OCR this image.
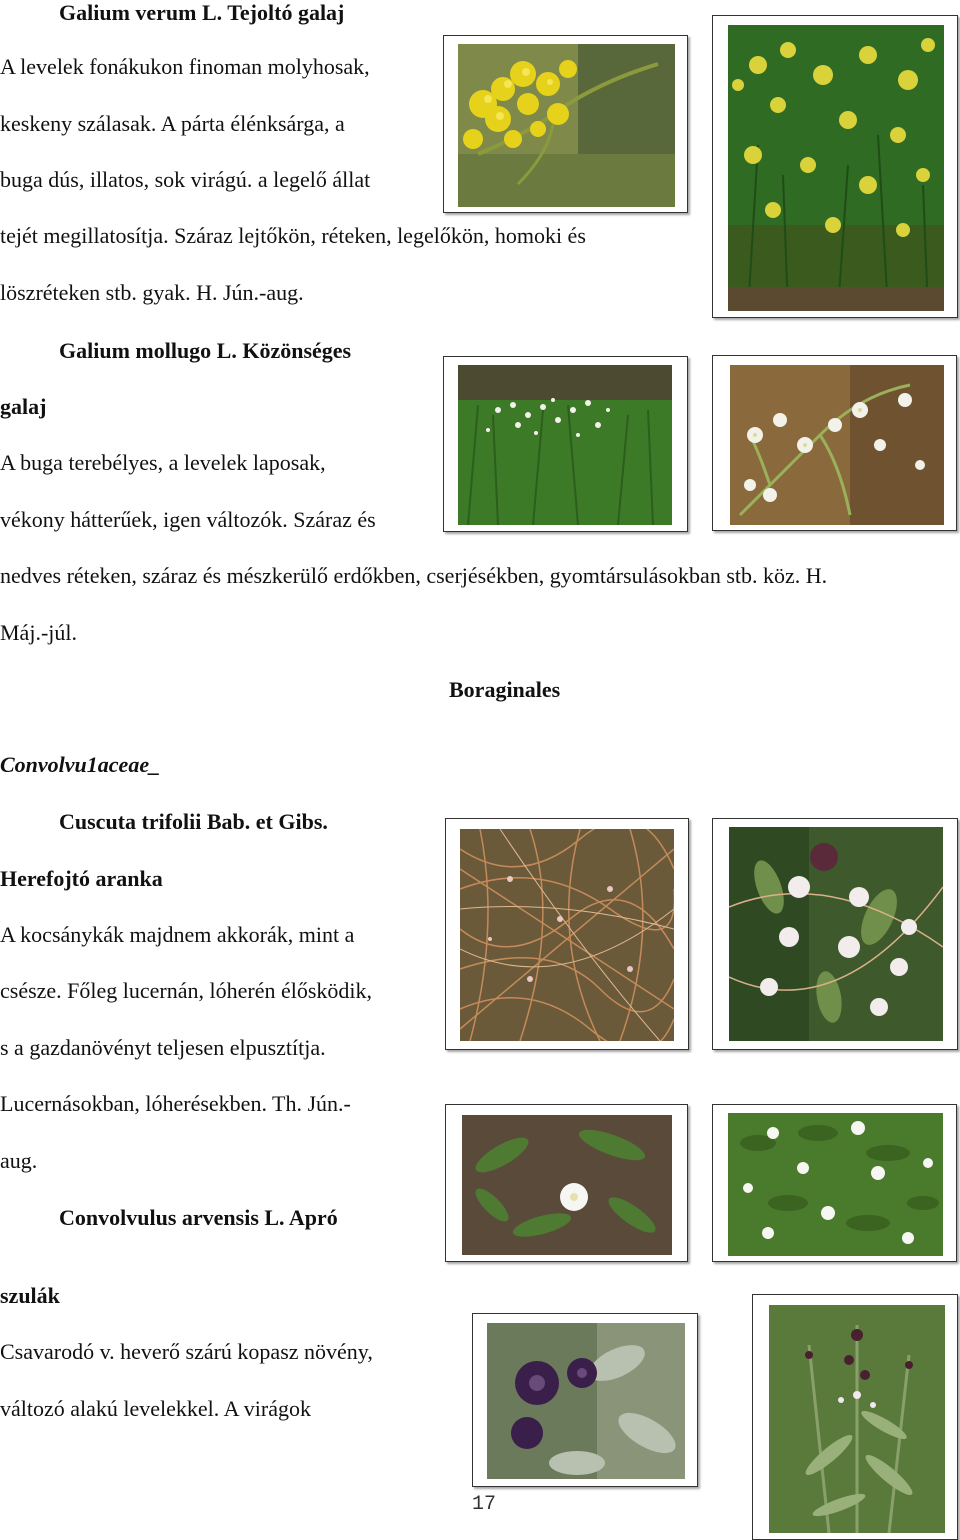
Galium verum L. Tejoltó galaj
A levelek fonákukon finoman molyhosak,
keskeny szálasak. A párta élénksárga, a
buga dús, illatos, sok virágú. a legelő állat
tejét megillatosítja. Száraz lejtőkön, réteken, legelőkön, homoki és
löszréteken stb. gyak. H. Jún.-aug.
Galium mollugo L. Közönséges
galaj
A buga terebélyes, a levelek laposak,
vékony hátterűek, igen változók. Száraz és
nedves réteken, száraz és mészkerülő erdőkben, cserjésékben, gyomtársulásokban stb. köz. H.
Máj.-júl.
Boraginales
Convolvu1aceae_
Cuscuta trifolii Bab. et Gibs.
Herefojtó aranka
A kocsánykák majdnem akkorák, mint a
csésze. Főleg lucernán, lóherén élősködik,
s a gazdanövényt teljesen elpusztítja.
Lucernásokban, lóherésekben. Th. Jún.-
aug.
Convolvulus arvensis L. Apró
szulák
Csavarodó v. heverő szárú kopasz növény,
változó alakú levelekkel. A virágok
17
